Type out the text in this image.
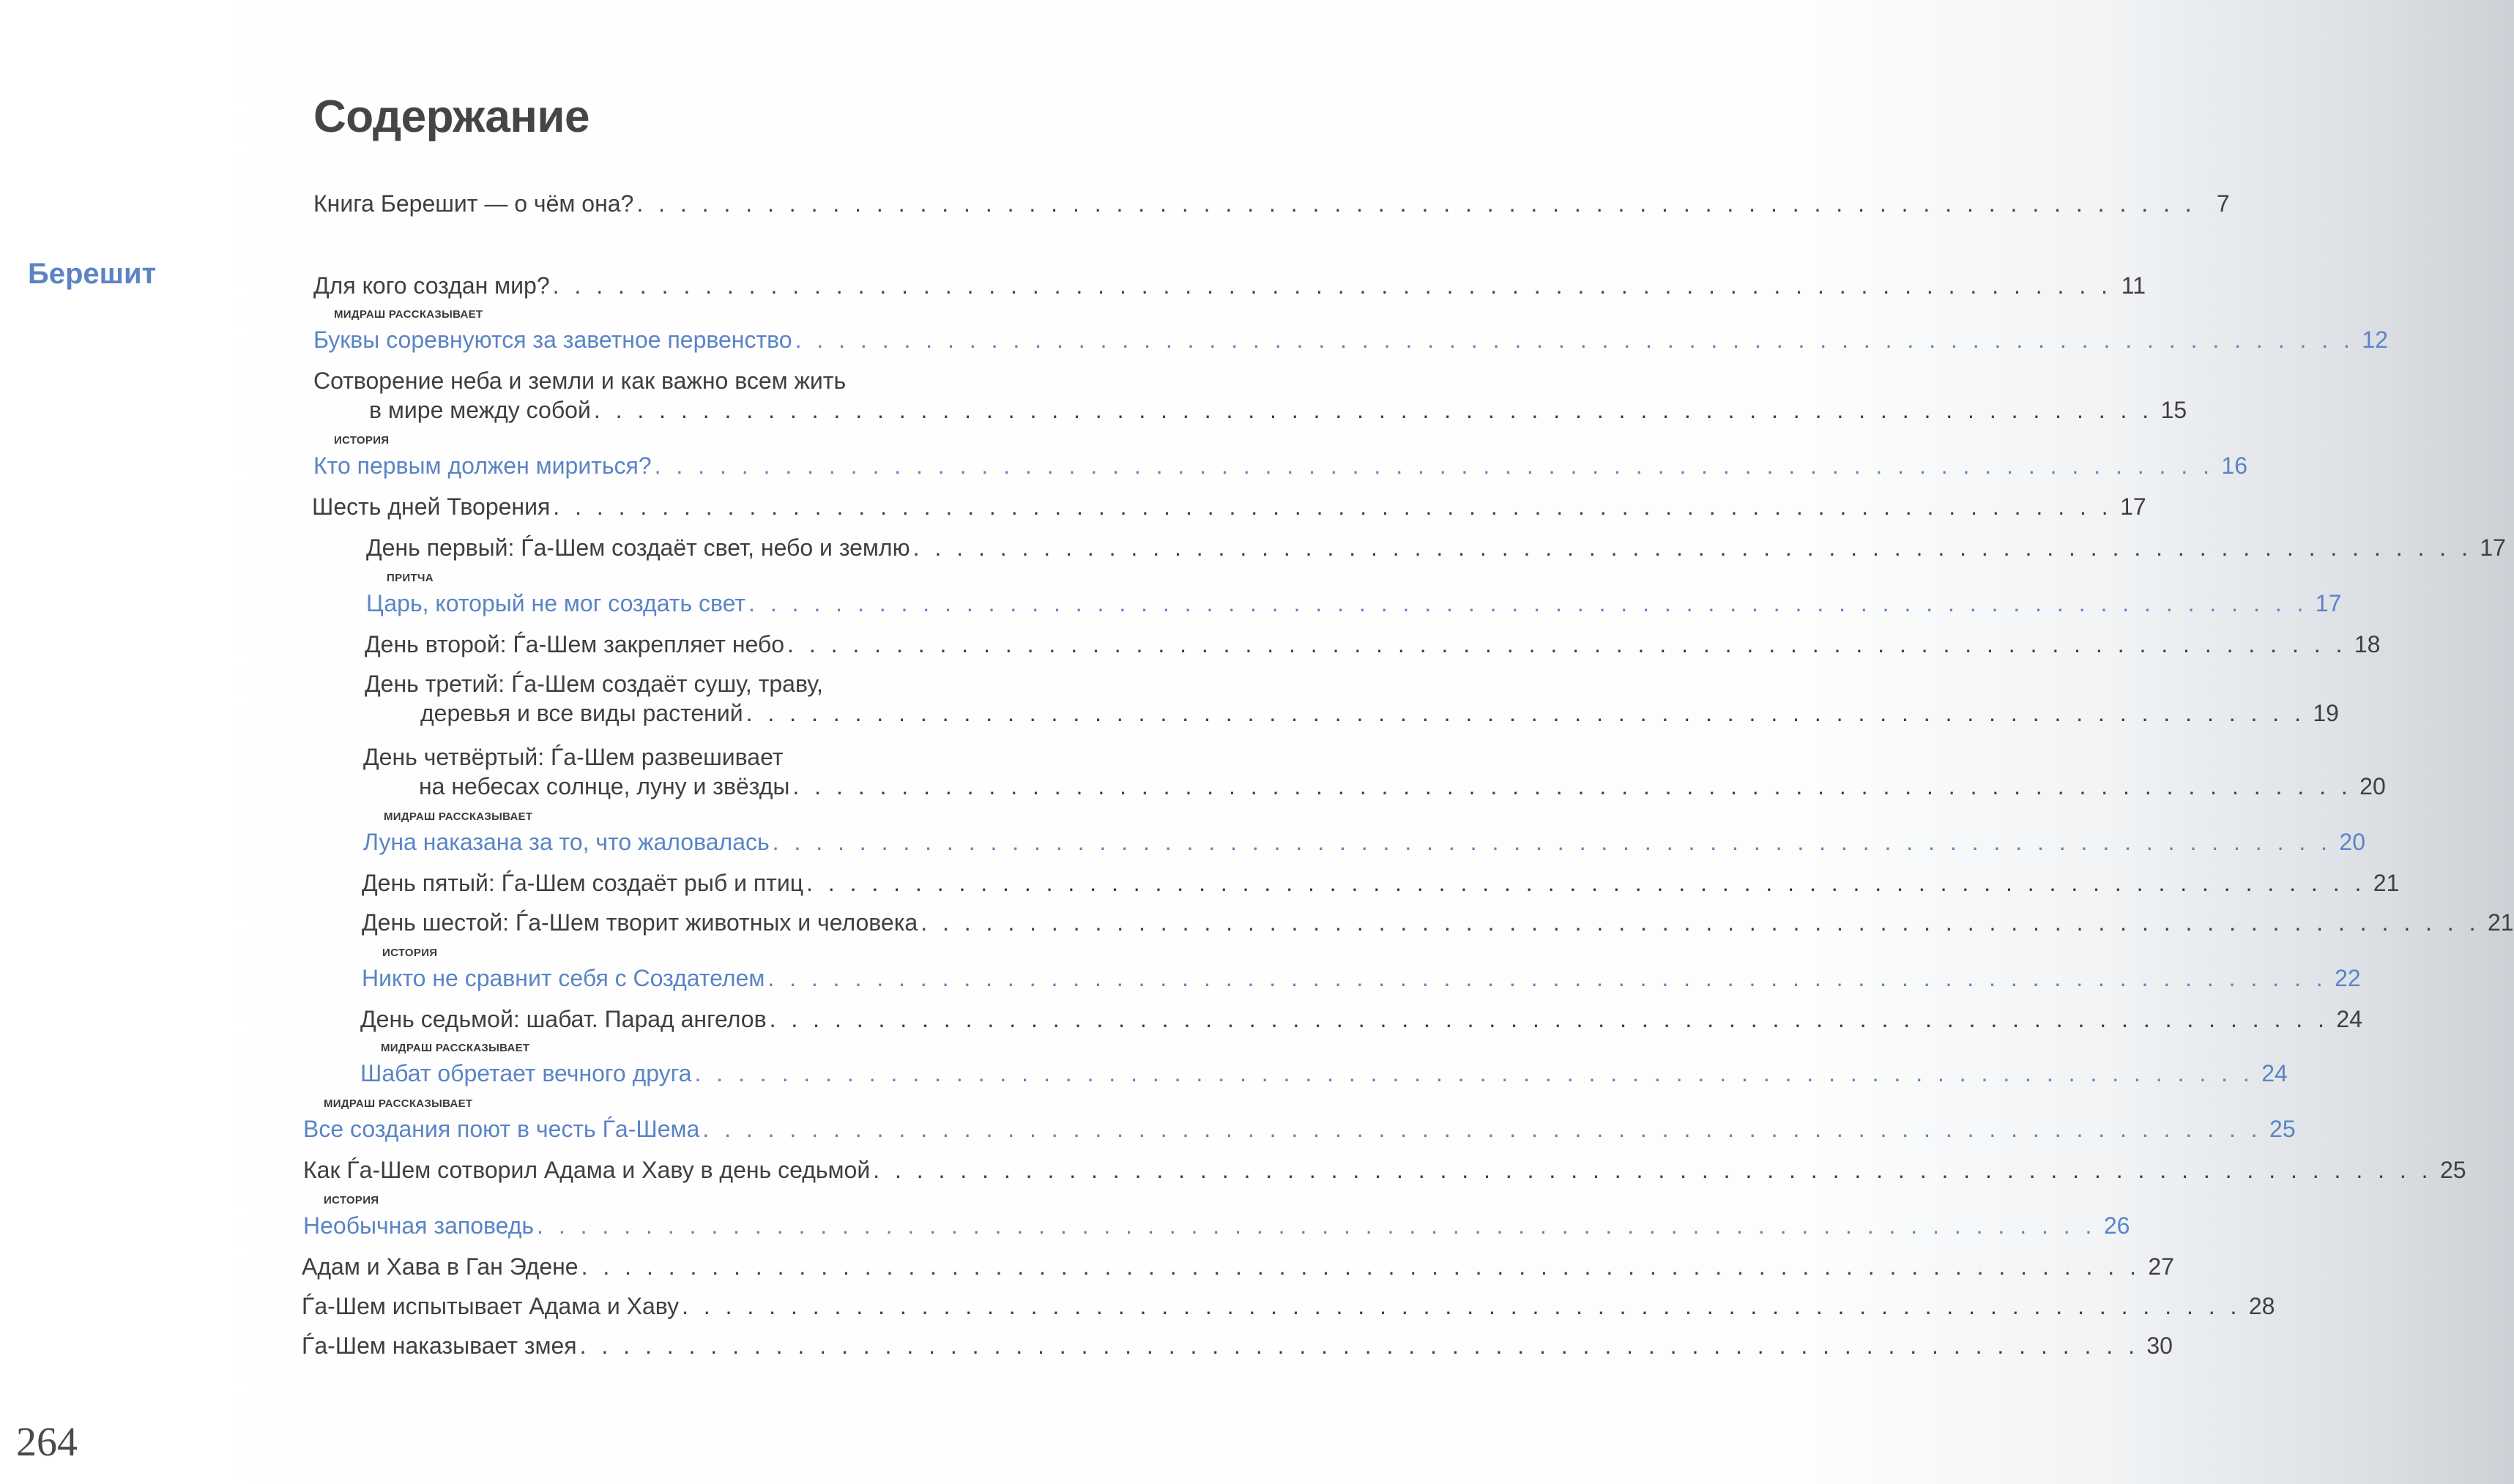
Содержание
Берешит
264
Книга Берешит — о чём она? . . . . . . . . . . . . . . . . . . . . . . . . . . . . . . . . . . . . . . . . . . . . . . . . . . . . . . . . . . . . . . . . . . . . . . . . 7
Для кого создан мир? . . . . . . . . . . . . . . . . . . . . . . . . . . . . . . . . . . . . . . . . . . . . . . . . . . . . . . . . . . . . . . . . . . . . . . . . 11
МИДРАШ РАССКАЗЫВАЕТ
Буквы соревнуются за заветное первенство . . . . . . . . . . . . . . . . . . . . . . . . . . . . . . . . . . . . . . . . . . . . . . . . . . . . . . . . . . . . . . . . . . . . . . . . 12
Сотворение неба и земли и как важно всем жить
в мире между собой . . . . . . . . . . . . . . . . . . . . . . . . . . . . . . . . . . . . . . . . . . . . . . . . . . . . . . . . . . . . . . . . . . . . . . . . 15
ИСТОРИЯ
Кто первым должен мириться? . . . . . . . . . . . . . . . . . . . . . . . . . . . . . . . . . . . . . . . . . . . . . . . . . . . . . . . . . . . . . . . . . . . . . . . . 16
Шесть дней Творения . . . . . . . . . . . . . . . . . . . . . . . . . . . . . . . . . . . . . . . . . . . . . . . . . . . . . . . . . . . . . . . . . . . . . . . . 17
День первый: Ѓа-Шем создаёт свет, небо и землю . . . . . . . . . . . . . . . . . . . . . . . . . . . . . . . . . . . . . . . . . . . . . . . . . . . . . . . . . . . . . . . . . . . . . . . . 17
ПРИТЧА
Царь, который не мог создать свет . . . . . . . . . . . . . . . . . . . . . . . . . . . . . . . . . . . . . . . . . . . . . . . . . . . . . . . . . . . . . . . . . . . . . . . . 17
День второй: Ѓа-Шем закрепляет небо . . . . . . . . . . . . . . . . . . . . . . . . . . . . . . . . . . . . . . . . . . . . . . . . . . . . . . . . . . . . . . . . . . . . . . . . 18
День третий: Ѓа-Шем создаёт сушу, траву,
деревья и все виды растений . . . . . . . . . . . . . . . . . . . . . . . . . . . . . . . . . . . . . . . . . . . . . . . . . . . . . . . . . . . . . . . . . . . . . . . . 19
День четвёртый: Ѓа-Шем развешивает
на небесах солнце, луну и звёзды . . . . . . . . . . . . . . . . . . . . . . . . . . . . . . . . . . . . . . . . . . . . . . . . . . . . . . . . . . . . . . . . . . . . . . . . 20
МИДРАШ РАССКАЗЫВАЕТ
Луна наказана за то, что жаловалась . . . . . . . . . . . . . . . . . . . . . . . . . . . . . . . . . . . . . . . . . . . . . . . . . . . . . . . . . . . . . . . . . . . . . . . . 20
День пятый: Ѓа-Шем создаёт рыб и птиц . . . . . . . . . . . . . . . . . . . . . . . . . . . . . . . . . . . . . . . . . . . . . . . . . . . . . . . . . . . . . . . . . . . . . . . . 21
День шестой: Ѓа-Шем творит животных и человека . . . . . . . . . . . . . . . . . . . . . . . . . . . . . . . . . . . . . . . . . . . . . . . . . . . . . . . . . . . . . . . . . . . . . . . . 21
ИСТОРИЯ
Никто не сравнит себя с Создателем . . . . . . . . . . . . . . . . . . . . . . . . . . . . . . . . . . . . . . . . . . . . . . . . . . . . . . . . . . . . . . . . . . . . . . . . 22
День седьмой: шабат. Парад ангелов . . . . . . . . . . . . . . . . . . . . . . . . . . . . . . . . . . . . . . . . . . . . . . . . . . . . . . . . . . . . . . . . . . . . . . . . 24
МИДРАШ РАССКАЗЫВАЕТ
Шабат обретает вечного друга . . . . . . . . . . . . . . . . . . . . . . . . . . . . . . . . . . . . . . . . . . . . . . . . . . . . . . . . . . . . . . . . . . . . . . . . 24
МИДРАШ РАССКАЗЫВАЕТ
Все создания поют в честь Ѓа-Шема . . . . . . . . . . . . . . . . . . . . . . . . . . . . . . . . . . . . . . . . . . . . . . . . . . . . . . . . . . . . . . . . . . . . . . . . 25
Как Ѓа-Шем сотворил Адама и Хаву в день седьмой . . . . . . . . . . . . . . . . . . . . . . . . . . . . . . . . . . . . . . . . . . . . . . . . . . . . . . . . . . . . . . . . . . . . . . . . 25
ИСТОРИЯ
Необычная заповедь . . . . . . . . . . . . . . . . . . . . . . . . . . . . . . . . . . . . . . . . . . . . . . . . . . . . . . . . . . . . . . . . . . . . . . . . 26
Адам и Хава в Ган Эдене . . . . . . . . . . . . . . . . . . . . . . . . . . . . . . . . . . . . . . . . . . . . . . . . . . . . . . . . . . . . . . . . . . . . . . . . 27
Ѓа-Шем испытывает Адама и Хаву . . . . . . . . . . . . . . . . . . . . . . . . . . . . . . . . . . . . . . . . . . . . . . . . . . . . . . . . . . . . . . . . . . . . . . . . 28
Ѓа-Шем наказывает змея . . . . . . . . . . . . . . . . . . . . . . . . . . . . . . . . . . . . . . . . . . . . . . . . . . . . . . . . . . . . . . . . . . . . . . . . 30
